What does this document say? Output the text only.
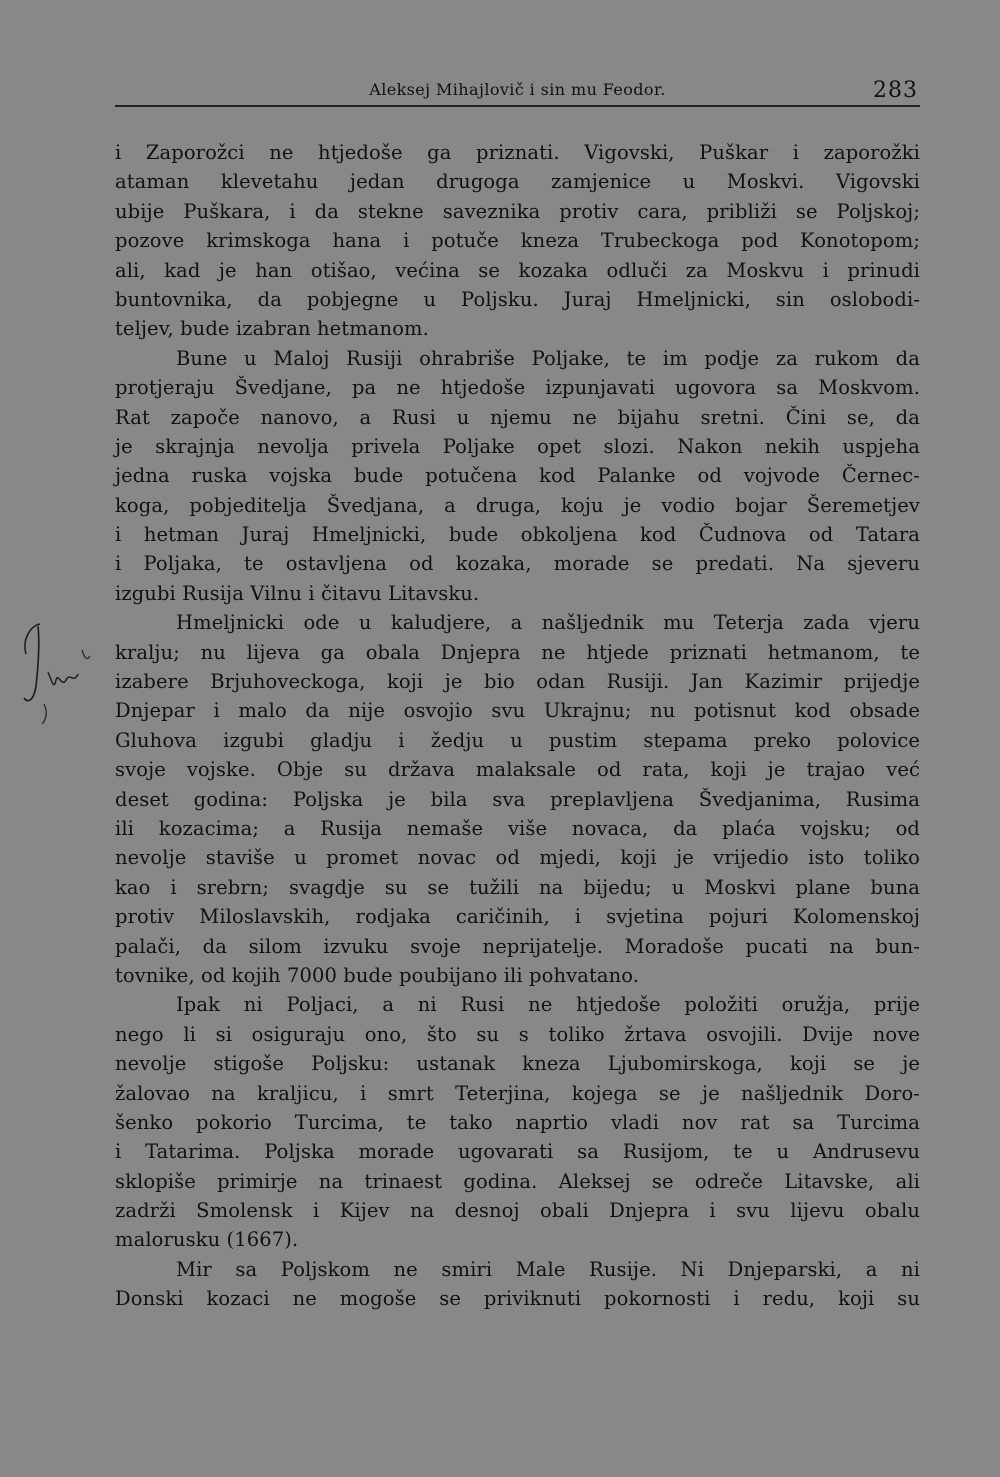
Aleksej Mihajlovič i sin mu Feodor.	283
i Zaporožci ne htjedoše ga priznati. Vigovski, Puškar i zaporožki
ataman klevetahu jedan drugoga zamjenice u Moskvi. Vigovski
ubije Puškara, i da stekne saveznika protiv cara, približi se Poljskoj;
pozove krimskoga hana i potuče kneza Trubeckoga pod Konotopom;
ali, kad je han otišao, većina se kozaka odluči za Moskvu i prinudi
buntovnika, da pobjegne u Poljsku. Juraj Hmeljnicki, sin oslobodi-
teljev, bude izabran hetmanom.
Bune u Maloj Rusiji ohrabriše Poljake, te im podje za rukom da
protjeraju Švedjane, pa ne htjedoše izpunjavati ugovora sa Moskvom.
Rat započe nanovo, a Rusi u njemu ne bijahu sretni. Čini se, da
je skrajnja nevolja privela Poljake opet slozi. Nakon nekih uspjeha
jedna ruska vojska bude potučena kod Palanke od vojvode Černec-
koga, pobjeditelja Švedjana, a druga, koju je vodio bojar Šeremetjev
i hetman Juraj Hmeljnicki, bude obkoljena kod Čudnova od Tatara
i Poljaka, te ostavljena od kozaka, morade se predati. Na sjeveru
izgubi Rusija Vilnu i čitavu Litavsku.
Hmeljnicki ode u kaludjere, a našljednik mu Teterja zada vjeru
kralju; nu lijeva ga obala Dnjepra ne htjede priznati hetmanom, te
izabere Brjuhoveckoga, koji je bio odan Rusiji. Jan Kazimir prijedje
Dnjepar i malo da nije osvojio svu Ukrajnu; nu potisnut kod obsade
Gluhova izgubi gladju i žedju u pustim stepama preko polovice
svoje vojske. Obje su država malaksale od rata, koji je trajao već
deset godina: Poljska je bila sva preplavljena Švedjanima, Rusima
ili kozacima; a Rusija nemaše više novaca, da plaća vojsku; od
nevolje staviše u promet novac od mjedi, koji je vrijedio isto toliko
kao i srebrn; svagdje su se tužili na bijedu; u Moskvi plane buna
protiv Miloslavskih, rodjaka caričinih, i svjetina pojuri Kolomenskoj
palači, da silom izvuku svoje neprijatelje. Moradoše pucati na bun-
tovnike, od kojih 7000 bude poubijano ili pohvatano.
Ipak ni Poljaci, a ni Rusi ne htjedoše položiti oružja, prije
nego li si osiguraju ono, što su s toliko žrtava osvojili. Dvije nove
nevolje stigoše Poljsku: ustanak kneza Ljubomirskoga, koji se je
žalovao na kraljicu, i smrt Teterjina, kojega se je našljednik Doro-
šenko pokorio Turcima, te tako naprtio vladi nov rat sa Turcima
i Tatarima. Poljska morade ugovarati sa Rusijom, te u Andrusevu
sklopiše primirje na trinaest godina. Aleksej se odreče Litavske, ali
zadrži Smolensk i Kijev na desnoj obali Dnjepra i svu lijevu obalu
malorusku (1667).
Mir sa Poljskom ne smiri Male Rusije. Ni Dnjeparski, a ni
Donski kozaci ne mogoše se priviknuti pokornosti i redu, koji su
